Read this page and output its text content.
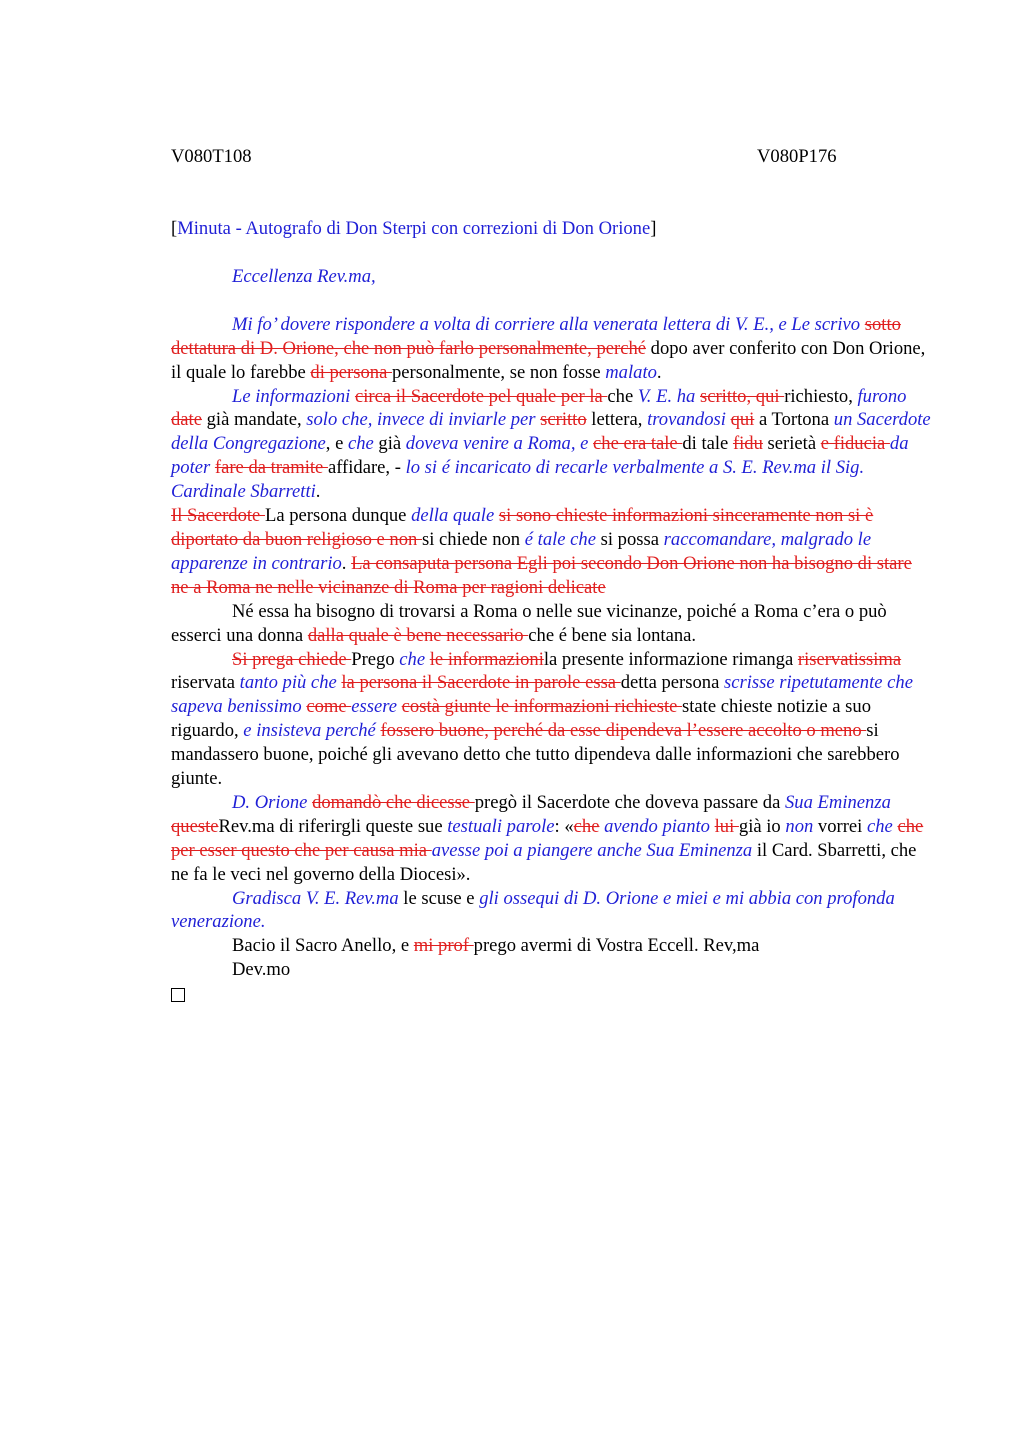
V080T108	V080P176

[Minuta - Autografo di Don Sterpi con correzioni di Don Orione]

Eccellenza Rev.ma,

Mi fo’ dovere rispondere a volta di corriere alla venerata lettera di V. E., e Le scrivo sotto dettatura di D. Orione, che non può farlo personalmente, perché dopo aver conferito con Don Orione, il quale lo farebbe di persona personalmente, se non fosse malato.

Le informazioni circa il Sacerdote pel quale per la che V. E. ha scritto, qui richiesto, furono date già mandate, solo che, invece di inviarle per scritto lettera, trovandosi qui a Tortona un Sacerdote della Congregazione, e che già doveva venire a Roma, e che era tale di tale fidu serietà e fiducia da poter fare da tramite affidare, - lo si é incaricato di recarle verbalmente a S. E. Rev.ma il Sig. Cardinale Sbarretti.

Il Sacerdote La persona dunque della quale si sono chieste informazioni sinceramente non si è diportato da buon religioso e non si chiede non é tale che si possa raccomandare, malgrado le apparenze in contrario. La consaputa persona Egli poi secondo Don Orione non ha bisogno di stare ne a Roma ne nelle vicinanze di Roma per ragioni delicate

Né essa ha bisogno di trovarsi a Roma o nelle sue vicinanze, poiché a Roma c’era o può esserci una donna dalla quale è bene necessario che é bene sia lontana.

Si prega chiede Prego che le informazionila presente informazione rimanga riservatissima riservata tanto più che la persona il Sacerdote in parole essa detta persona scrisse ripetutamente che sapeva benissimo come essere costà giunte le informazioni richieste state chieste notizie a suo riguardo, e insisteva perché fossero buone, perché da esse dipendeva l’essere accolto o meno si mandassero buone, poiché gli avevano detto che tutto dipendeva dalle informazioni che sarebbero giunte.

D. Orione domandò che dicesse pregò il Sacerdote che doveva passare da Sua Eminenza questeRev.ma di riferirgli queste sue testuali parole: «che avendo pianto lui già io non vorrei che che per esser questo che per causa mia avesse poi a piangere anche Sua Eminenza il Card. Sbarretti, che ne fa le veci nel governo della Diocesi».

Gradisca V. E. Rev.ma le scuse e gli ossequi di D. Orione e miei e mi abbia con profonda venerazione.

Bacio il Sacro Anello, e mi prof prego avermi di Vostra Eccell. Rev,ma

Dev.mo
